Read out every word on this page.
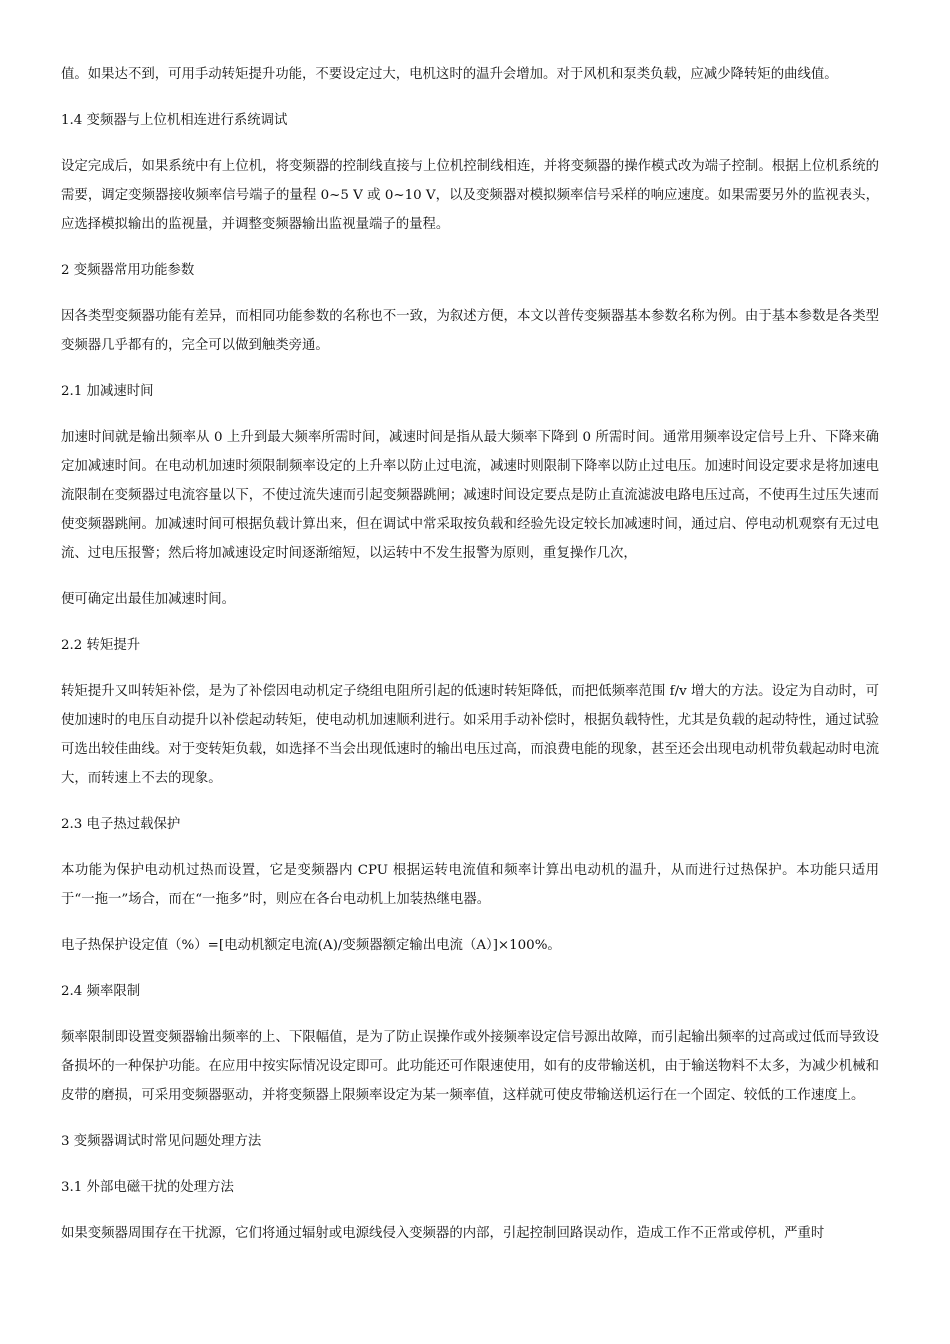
值。如果达不到，可用手动转矩提升功能，不要设定过大，电机这时的温升会增加。对于风机和泵类负载，应减少降转矩的曲线值。

1.4 变频器与上位机相连进行系统调试

设定完成后，如果系统中有上位机，将变频器的控制线直接与上位机控制线相连，并将变频器的操作模式改为端子控制。根据上位机系统的需要，调定变频器接收频率信号端子的量程 0~5 V 或 0~10 V，以及变频器对模拟频率信号采样的响应速度。如果需要另外的监视表头，应选择模拟输出的监视量，并调整变频器输出监视量端子的量程。

2 变频器常用功能参数

因各类型变频器功能有差异，而相同功能参数的名称也不一致，为叙述方便，本文以普传变频器基本参数名称为例。由于基本参数是各类型变频器几乎都有的，完全可以做到触类旁通。

2.1 加减速时间

加速时间就是输出频率从 0 上升到最大频率所需时间，减速时间是指从最大频率下降到 0 所需时间。通常用频率设定信号上升、下降来确定加减速时间。在电动机加速时须限制频率设定的上升率以防止过电流，减速时则限制下降率以防止过电压。加速时间设定要求是将加速电流限制在变频器过电流容量以下，不使过流失速而引起变频器跳闸；减速时间设定要点是防止直流滤波电路电压过高，不使再生过压失速而使变频器跳闸。加减速时间可根据负载计算出来，但在调试中常采取按负载和经验先设定较长加减速时间，通过启、停电动机观察有无过电流、过电压报警；然后将加减速设定时间逐渐缩短，以运转中不发生报警为原则，重复操作几次，

便可确定出最佳加减速时间。

2.2 转矩提升

转矩提升又叫转矩补偿，是为了补偿因电动机定子绕组电阻所引起的低速时转矩降低，而把低频率范围 f/v 增大的方法。设定为自动时，可使加速时的电压自动提升以补偿起动转矩，使电动机加速顺利进行。如采用手动补偿时，根据负载特性，尤其是负载的起动特性，通过试验可选出较佳曲线。对于变转矩负载，如选择不当会出现低速时的输出电压过高，而浪费电能的现象，甚至还会出现电动机带负载起动时电流大，而转速上不去的现象。

2.3 电子热过载保护

本功能为保护电动机过热而设置，它是变频器内 CPU 根据运转电流值和频率计算出电动机的温升，从而进行过热保护。本功能只适用于“一拖一”场合，而在“一拖多”时，则应在各台电动机上加装热继电器。

电子热保护设定值（%）=[电动机额定电流(A)/变频器额定输出电流（A）]×100%。

2.4 频率限制

频率限制即设置变频器输出频率的上、下限幅值，是为了防止误操作或外接频率设定信号源出故障，而引起输出频率的过高或过低而导致设备损坏的一种保护功能。在应用中按实际情况设定即可。此功能还可作限速使用，如有的皮带输送机，由于输送物料不太多，为减少机械和皮带的磨损，可采用变频器驱动，并将变频器上限频率设定为某一频率值，这样就可使皮带输送机运行在一个固定、较低的工作速度上。

3 变频器调试时常见问题处理方法

3.1 外部电磁干扰的处理方法

如果变频器周围存在干扰源，它们将通过辐射或电源线侵入变频器的内部，引起控制回路误动作，造成工作不正常或停机，严重时
